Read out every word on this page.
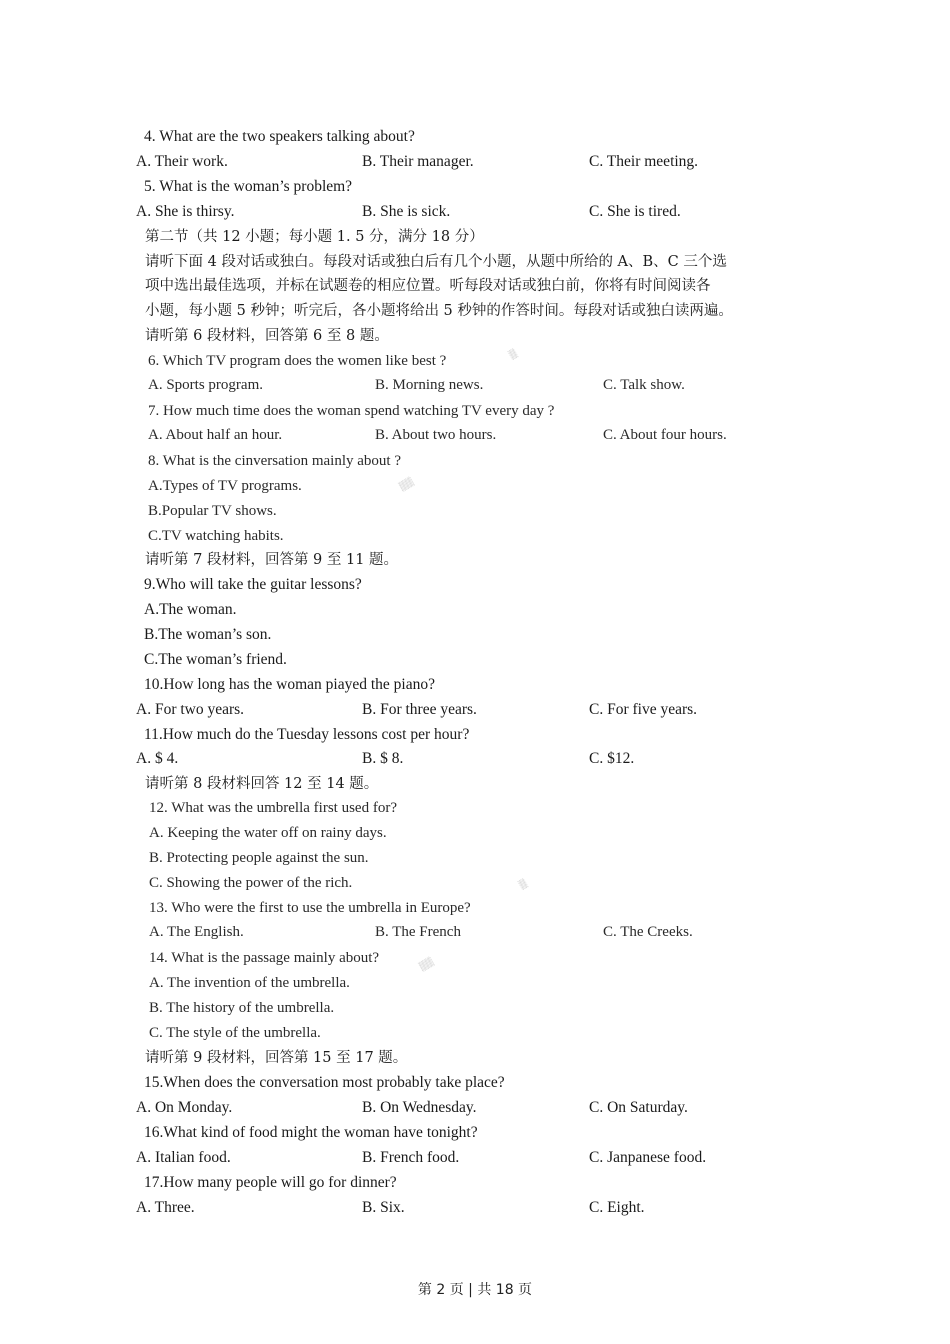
▒
▒▒
▒
▒▒
4. What are the two speakers talking about?
A. Their work.	B. Their manager.	C. Their meeting.
5. What is the woman’s problem?
A. She is thirsy.	B. She is sick.	C. She is tired.
第二节（共 12 小题；每小题 1. 5 分，满分 18 分）
请听下面 4 段对话或独白。每段对话或独白后有几个小题，从题中所给的 A、B、C 三个选
项中选出最佳选项，并标在试题卷的相应位置。听每段对话或独白前，你将有时间阅读各
小题，每小题 5 秒钟；听完后，各小题将给出 5 秒钟的作答时间。每段对话或独白读两遍。
请听第 6 段材料，回答第 6 至 8 题。
6. Which TV program does the women like best ?
A. Sports program.	B. Morning news.	C. Talk show.
7. How much time does the woman spend watching TV every day ?
A. About half an hour.	B. About two hours.	C. About four hours.
8. What is the cinversation mainly about ?
A.Types of TV programs.
B.Popular TV shows.
C.TV watching habits.
请听第 7 段材料，回答第 9 至 11 题。
9.Who will take the guitar lessons?
A.The woman.
B.The woman’s son.
C.The woman’s friend.
10.How long has the woman piayed the piano?
A. For two years.	B. For three years.	C. For five years.
11.How much do the Tuesday lessons cost per hour?
A. $ 4.	B. $ 8.	C. $12.
请听第 8 段材料回答 12 至 14 题。
12. What was the umbrella first used for?
A. Keeping the water off on rainy days.
B. Protecting people against the sun.
C. Showing the power of the rich.
13. Who were the first to use the umbrella in Europe?
A. The English.	B. The French	C. The Creeks.
14. What is the passage mainly about?
A. The invention of the umbrella.
B. The history of the umbrella.
C. The style of the umbrella.
请听第 9 段材料，回答第 15 至 17 题。
15.When does the conversation most probably take place?
A. On Monday.	B. On Wednesday.	C. On Saturday.
16.What kind of food might the woman have tonight?
A. Italian food.	B. French food.	C. Janpanese food.
17.How many people will go for dinner?
A. Three.	B. Six.	C. Eight.
第 2 页 | 共 18 页
